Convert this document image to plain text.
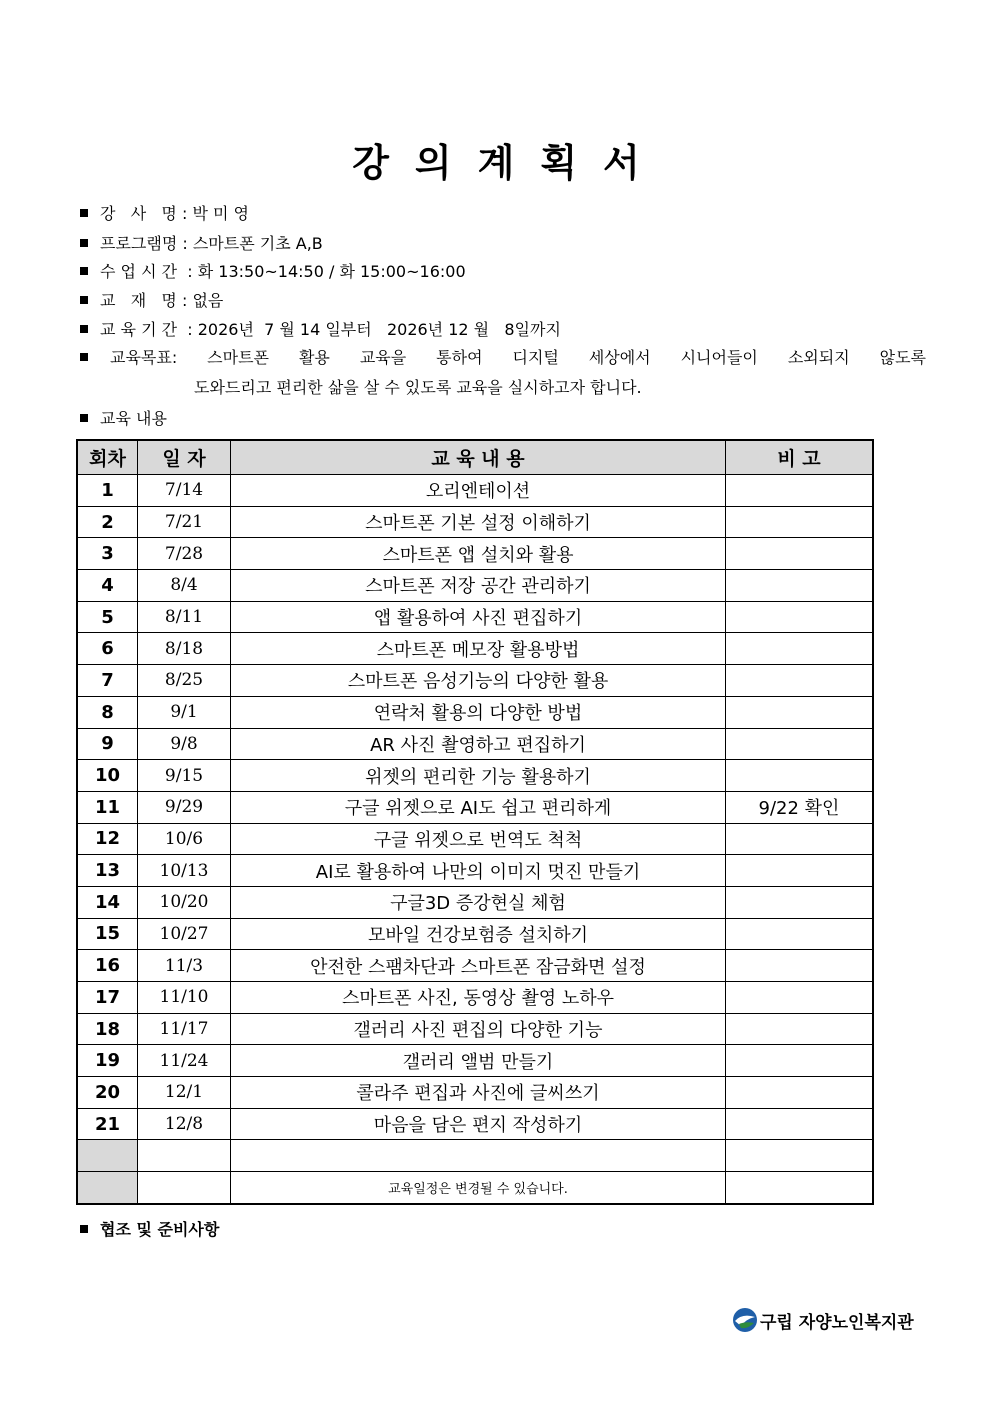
강의계획서
강   사   명 : 박 미 영
프로그램명 : 스마트폰 기초 A,B
수 업 시 간  : 화 13:50~14:50 / 화 15:00~16:00
교   재   명 : 없음
교 육 기 간  : 2026년  7 월 14 일부터   2026년 12 월   8일까지
교육목표: 스마트폰 활용 교육을 통하여 디지털 세상에서 시니어들이 소외되지 않도록
도와드리고 편리한 삶을 살 수 있도록 교육을 실시하고자 합니다.
교육 내용
회차	일 자	교 육 내 용	비 고
1	7/14	오리엔테이션	
2	7/21	스마트폰 기본 설정 이해하기	
3	7/28	스마트폰 앱 설치와 활용	
4	8/4	스마트폰 저장 공간 관리하기	
5	8/11	앱 활용하여 사진 편집하기	
6	8/18	스마트폰 메모장 활용방법	
7	8/25	스마트폰 음성기능의 다양한 활용	
8	9/1	연락처 활용의 다양한 방법	
9	9/8	AR 사진 촬영하고 편집하기	
10	9/15	위젯의 편리한 기능 활용하기	
11	9/29	구글 위젯으로 AI도 쉽고 편리하게	9/22 확인
12	10/6	구글 위젯으로 번역도 척척	
13	10/13	AI로 활용하여 나만의 이미지 멋진 만들기	
14	10/20	구글3D 증강현실 체험	
15	10/27	모바일 건강보험증 설치하기	
16	11/3	안전한 스팸차단과 스마트폰 잠금화면 설정	
17	11/10	스마트폰 사진, 동영상 촬영 노하우	
18	11/17	갤러리 사진 편집의 다양한 기능	
19	11/24	갤러리 앨범 만들기	
20	12/1	콜라주 편집과 사진에 글씨쓰기	
21	12/8	마음을 담은 편지 작성하기	

		교육일정은 변경될 수 있습니다.	
협조 및 준비사항
구립 자양노인복지관
